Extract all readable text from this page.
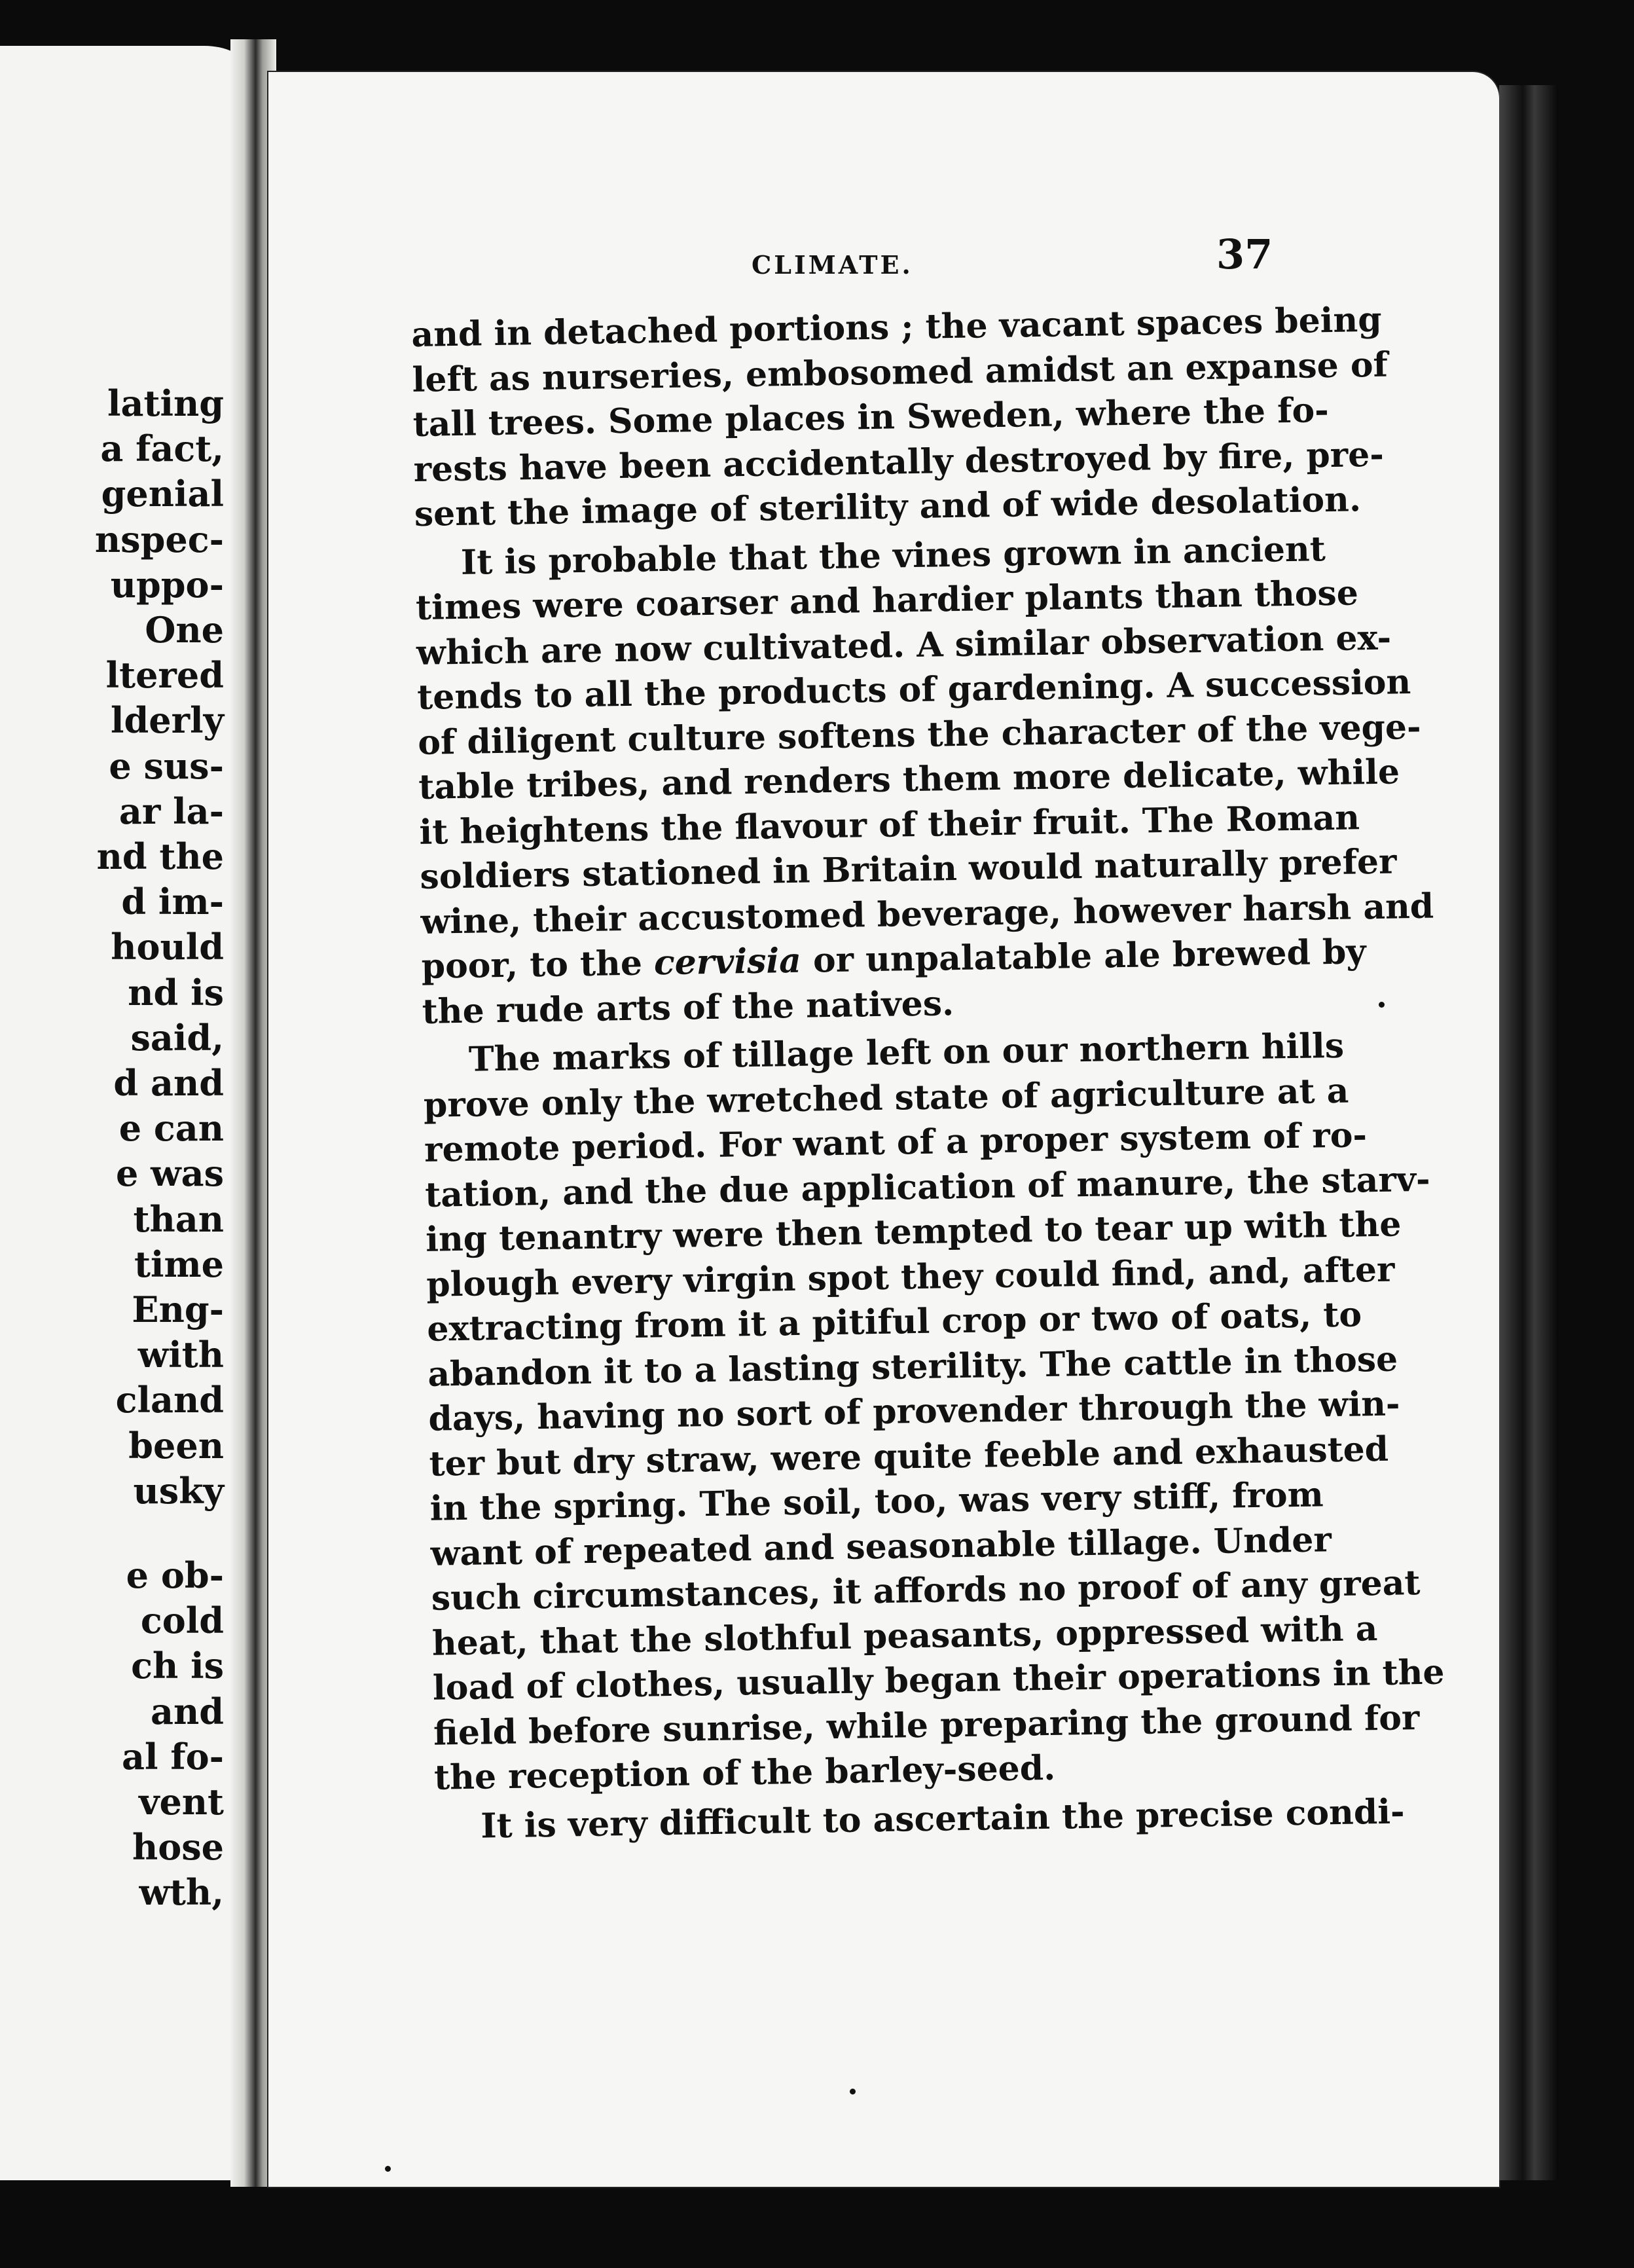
lating
a fact,
genial
nspec-
uppo-
One
ltered
lderly
e sus-
ar la-
nd the
d im-
hould
nd is
said,
d and
e can
e was
than
time
Eng-
with
cland
been
usky
e ob-
cold
ch is
and
al fo-
vent
hose
wth,
CLIMATE.	37
and in detached portions ; the vacant spaces being
left as nurseries, embosomed amidst an expanse of
tall trees. Some places in Sweden, where the fo-
rests have been accidentally destroyed by fire, pre-
sent the image of sterility and of wide desolation.
It is probable that the vines grown in ancient
times were coarser and hardier plants than those
which are now cultivated. A similar observation ex-
tends to all the products of gardening. A succession
of diligent culture softens the character of the vege-
table tribes, and renders them more delicate, while
it heightens the flavour of their fruit. The Roman
soldiers stationed in Britain would naturally prefer
wine, their accustomed beverage, however harsh and
poor, to the cervisia or unpalatable ale brewed by
the rude arts of the natives.
The marks of tillage left on our northern hills
prove only the wretched state of agriculture at a
remote period. For want of a proper system of ro-
tation, and the due application of manure, the starv-
ing tenantry were then tempted to tear up with the
plough every virgin spot they could find, and, after
extracting from it a pitiful crop or two of oats, to
abandon it to a lasting sterility. The cattle in those
days, having no sort of provender through the win-
ter but dry straw, were quite feeble and exhausted
in the spring. The soil, too, was very stiff, from
want of repeated and seasonable tillage. Under
such circumstances, it affords no proof of any great
heat, that the slothful peasants, oppressed with a
load of clothes, usually began their operations in the
field before sunrise, while preparing the ground for
the reception of the barley-seed.
It is very difficult to ascertain the precise condi-
